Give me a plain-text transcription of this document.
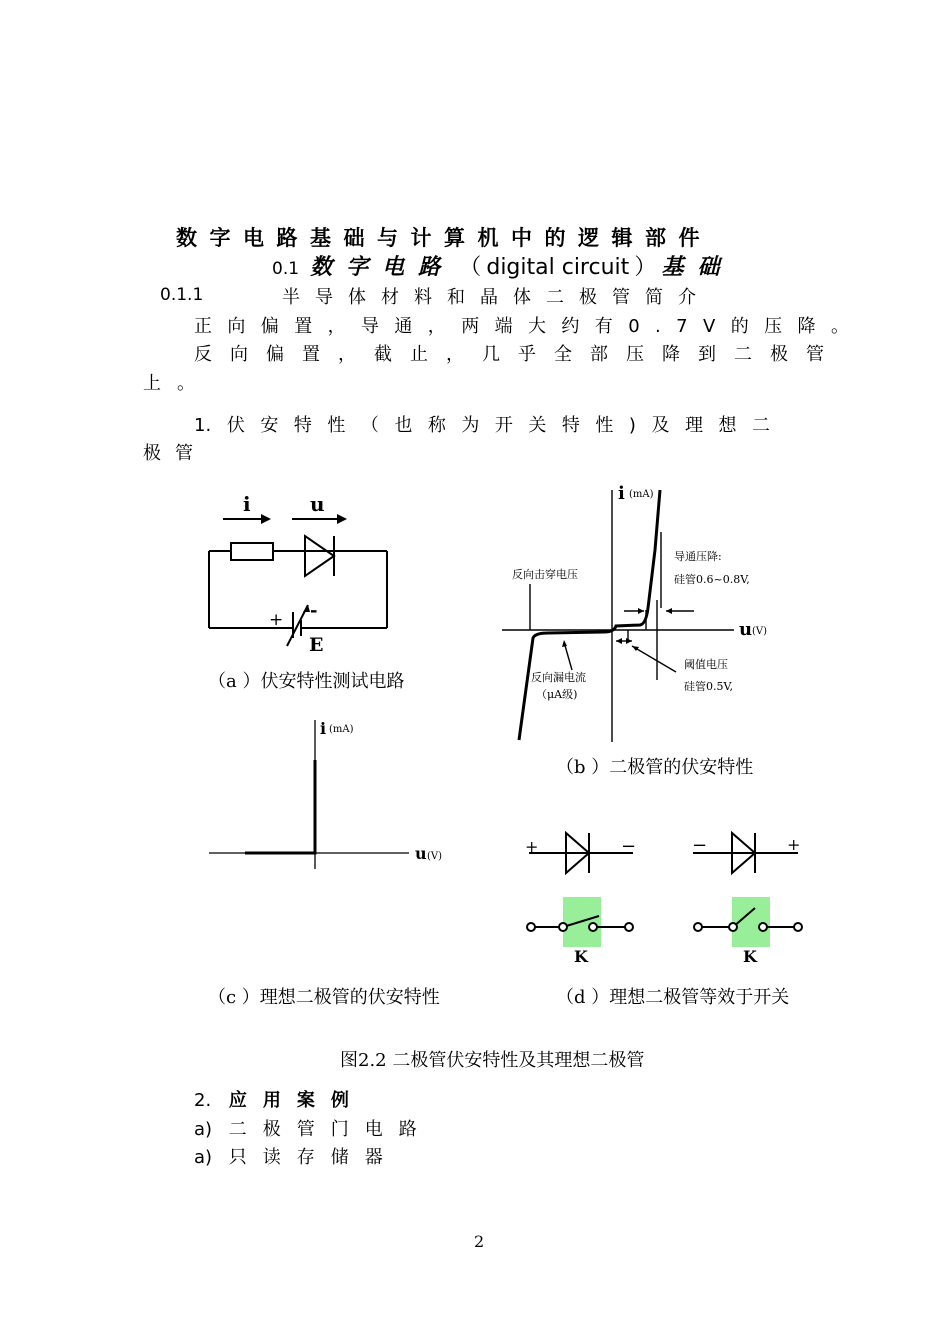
数字电路基础与计算机中的逻辑部件
0.1 数字电路 （ digital circuit ） 基础
0.1.1	半导体材料和晶体二极管简介
正向偏置，导通，两端大约有0.7V的压降。
反向偏置，截止，几乎全部压降到二极管
上。
1. 伏安特性（也称为开关特性)及理想二
极管
i	u
+ -
E
（a ）伏安特性测试电路
i (mA)
u (V)
反向击穿电压
导通压降:
硅管0.6~0.8V,
反向漏电流
（μA级)
阈值电压
硅管0.5V,
（b ）二极管的伏安特性
i (mA)
u (V)
（c ）理想二极管的伏安特性
+	−	−	+
K	K
（d ）理想二极管等效于开关
图2.2 二极管伏安特性及其理想二极管
2. 应用案例
a) 二极管门电路
a) 只读存储器
2
